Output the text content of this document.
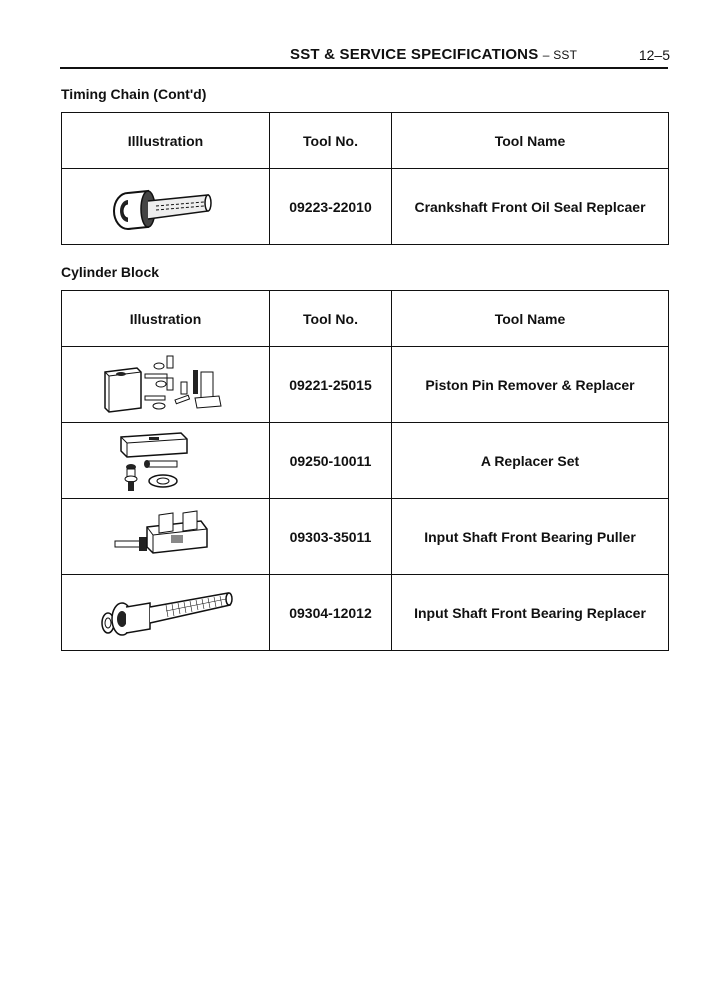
SST & SERVICE SPECIFICATIONS – SST	12–5
Timing Chain (Cont'd)
Illlustration	Tool No.	Tool Name

	09223-22010	Crankshaft Front Oil Seal Replcaer
Cylinder Block
Illustration	Tool No.	Tool Name

	09221-25015	Piston Pin Remover & Replacer

	09250-10011	A Replacer Set

	09303-35011	Input Shaft Front Bearing Puller

	09304-12012	Input Shaft Front Bearing Replacer
